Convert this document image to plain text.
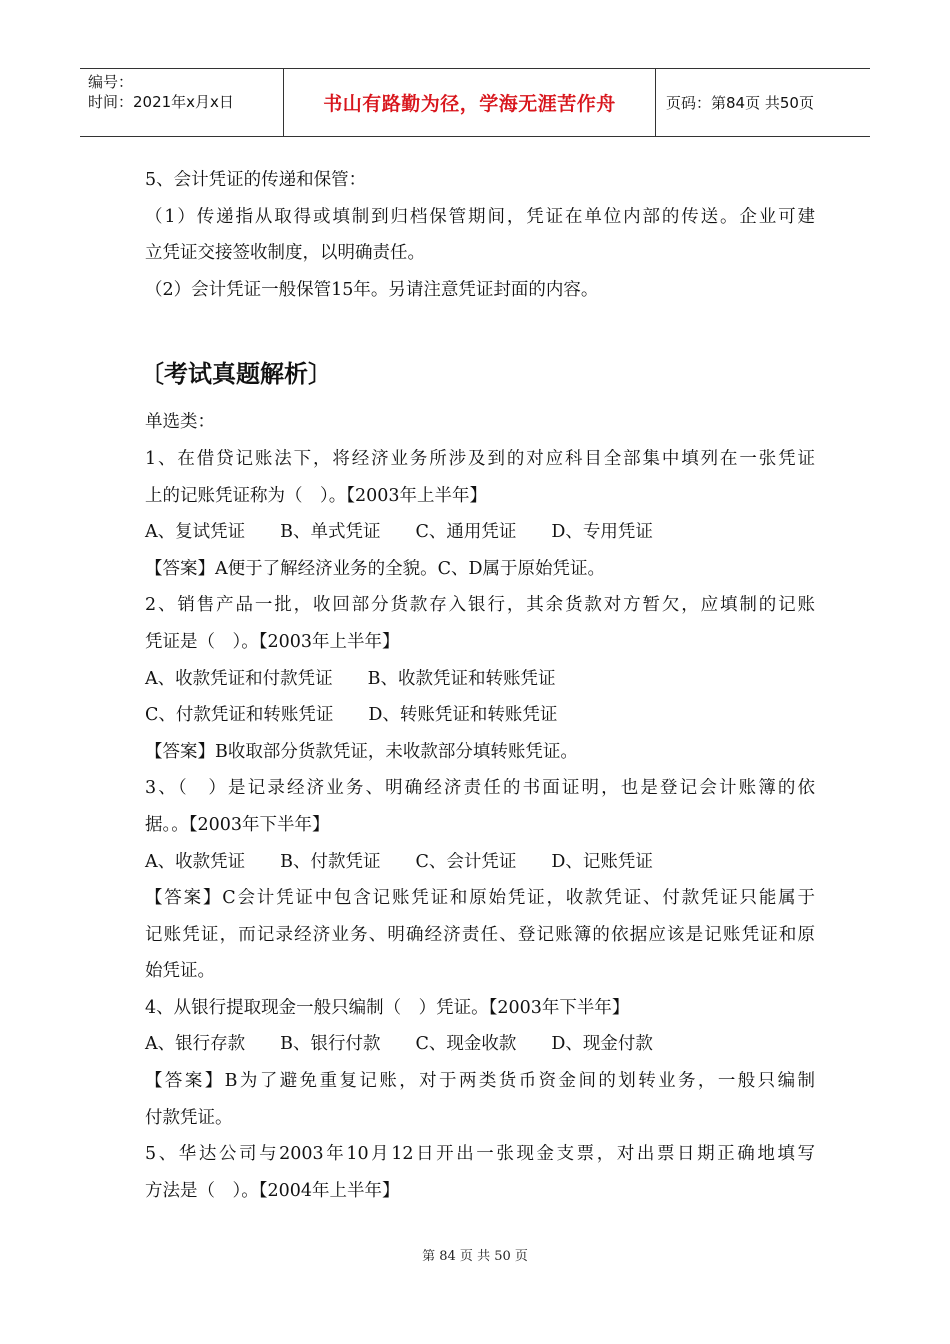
编号：
时间：2021年x月x日	书山有路勤为径，学海无涯苦作舟	页码：第84页 共50页
5、会计凭证的传递和保管：
（1）传递指从取得或填制到归档保管期间，凭证在单位内部的传送。企业可建
立凭证交接签收制度，以明确责任。
（2）会计凭证一般保管15年。另请注意凭证封面的内容。
〔考试真题解析〕
单选类：
1、在借贷记账法下，将经济业务所涉及到的对应科目全部集中填列在一张凭证
上的记账凭证称为（　）。【2003年上半年】
A、复试凭证　　B、单式凭证　　C、通用凭证　　D、专用凭证
【答案】A便于了解经济业务的全貌。C、D属于原始凭证。
2、销售产品一批，收回部分货款存入银行，其余货款对方暂欠，应填制的记账
凭证是（　）。【2003年上半年】
A、收款凭证和付款凭证　　B、收款凭证和转账凭证
C、付款凭证和转账凭证　　D、转账凭证和转账凭证
【答案】B收取部分货款凭证，未收款部分填转账凭证。
3、（　）是记录经济业务、明确经济责任的书面证明，也是登记会计账簿的依
据。。【2003年下半年】
A、收款凭证　　B、付款凭证　　C、会计凭证　　D、记账凭证
【答案】C会计凭证中包含记账凭证和原始凭证，收款凭证、付款凭证只能属于
记账凭证，而记录经济业务、明确经济责任、登记账簿的依据应该是记账凭证和原
始凭证。
4、从银行提取现金一般只编制（　）凭证。【2003年下半年】
A、银行存款　　B、银行付款　　C、现金收款　　D、现金付款
【答案】B为了避免重复记账，对于两类货币资金间的划转业务，一般只编制
付款凭证。
5、华达公司与2003年10月12日开出一张现金支票，对出票日期正确地填写
方法是（　）。【2004年上半年】
第 84 页 共 50 页
